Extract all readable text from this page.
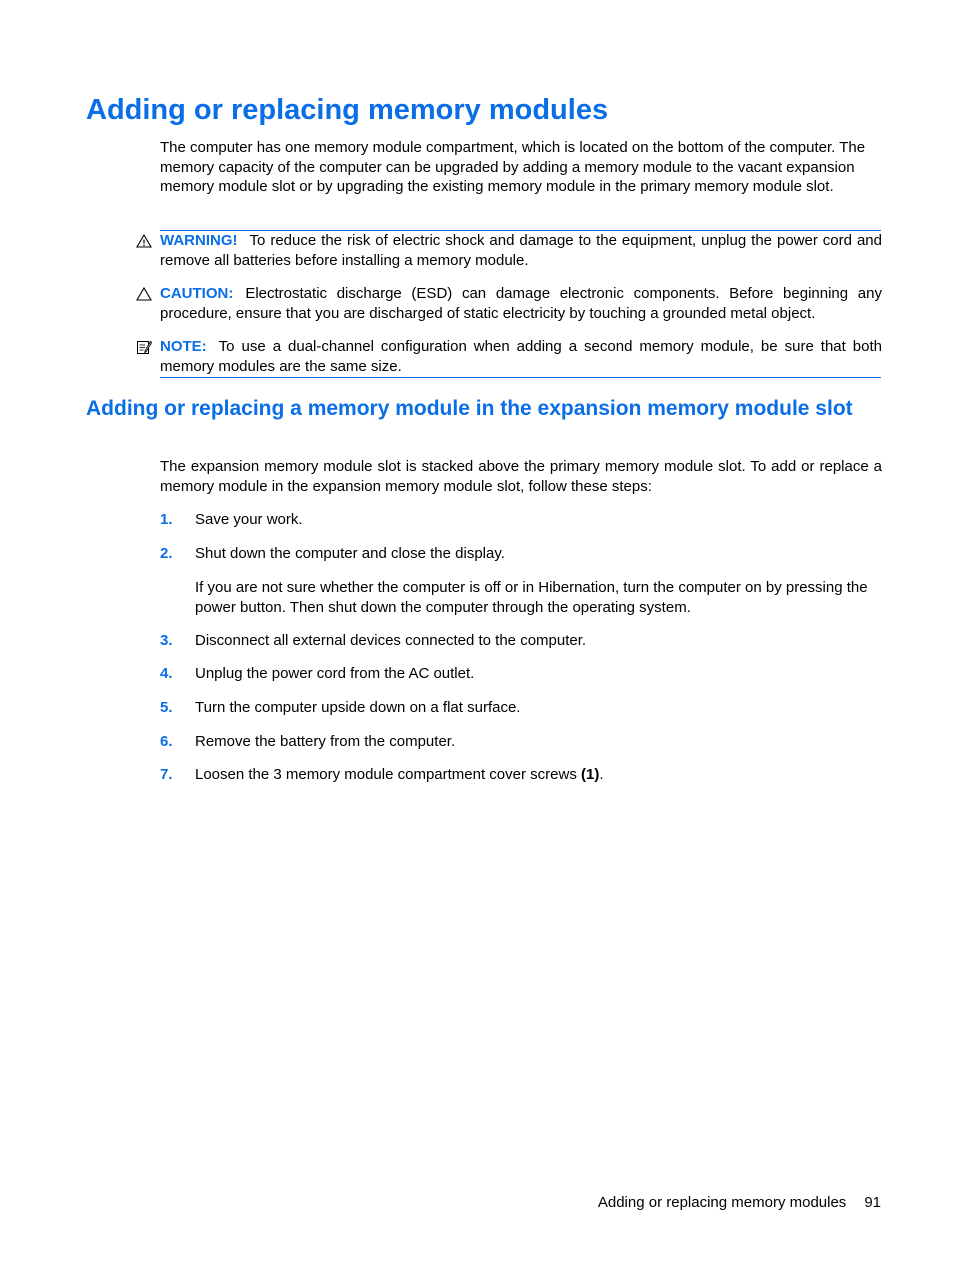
Adding or replacing memory modules

The computer has one memory module compartment, which is located on the bottom of the computer. The memory capacity of the computer can be upgraded by adding a memory module to the vacant expansion memory module slot or by upgrading the existing memory module in the primary memory module slot.

WARNING! To reduce the risk of electric shock and damage to the equipment, unplug the power cord and remove all batteries before installing a memory module.

CAUTION: Electrostatic discharge (ESD) can damage electronic components. Before beginning any procedure, ensure that you are discharged of static electricity by touching a grounded metal object.

NOTE: To use a dual-channel configuration when adding a second memory module, be sure that both memory modules are the same size.

Adding or replacing a memory module in the expansion memory module slot

The expansion memory module slot is stacked above the primary memory module slot. To add or replace a memory module in the expansion memory module slot, follow these steps:

1. Save your work.
2. Shut down the computer and close the display.

If you are not sure whether the computer is off or in Hibernation, turn the computer on by pressing the power button. Then shut down the computer through the operating system.

3. Disconnect all external devices connected to the computer.
4. Unplug the power cord from the AC outlet.
5. Turn the computer upside down on a flat surface.
6. Remove the battery from the computer.
7. Loosen the 3 memory module compartment cover screws (1).
Adding or replacing memory modules 91
